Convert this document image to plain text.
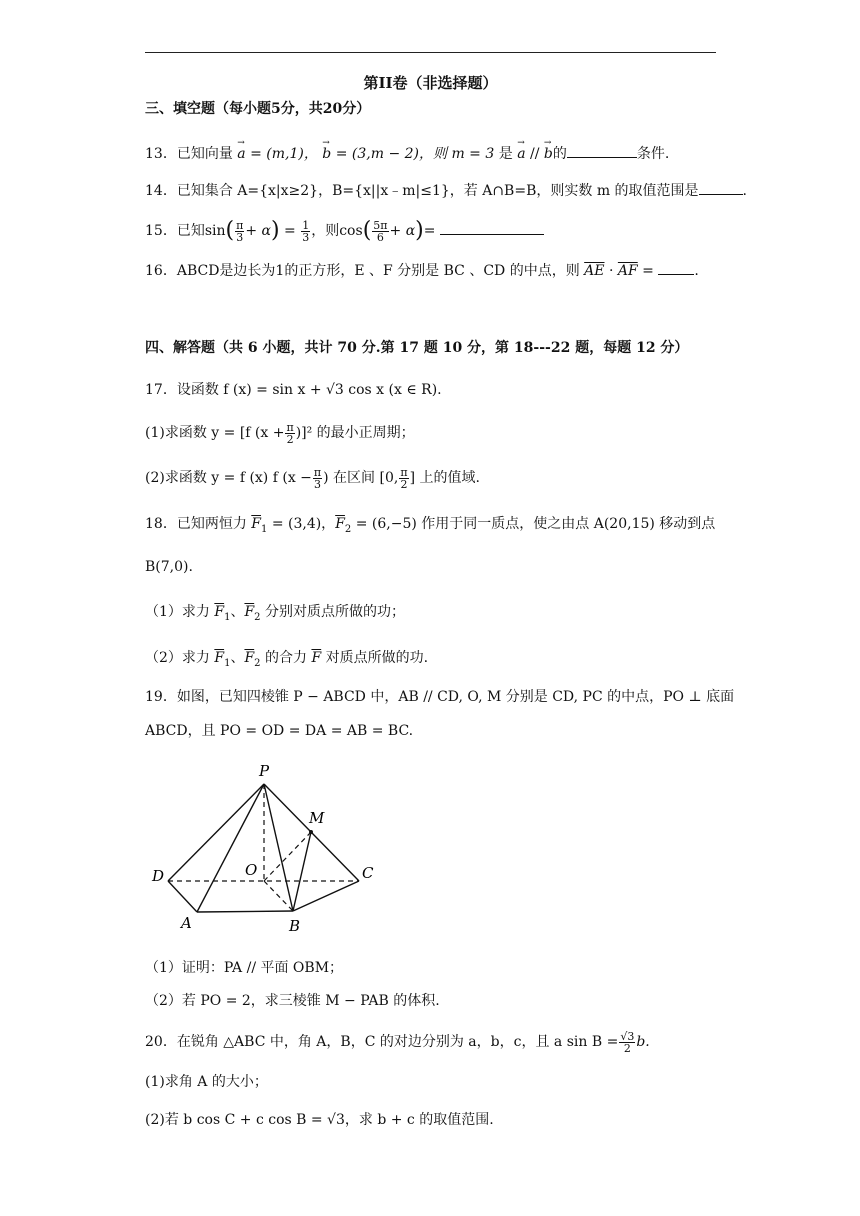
第II卷（非选择题）
三、填空题（每小题5分，共20分）
13．已知向量 → a = (m,1)， → b = (3,m − 2)，则 m = 3 是 → a // → b的	条件.
14．已知集合 A={x|x≥2}，B={x||x﹣m|≤1}，若 A∩B=B，则实数 m 的取值范围是	.
15．已知$\sin( \frac{\pi}{3} + \alpha) = \frac{1}{3}$ ，则$\cos( \frac{5\pi}{6} + \alpha)=$
16．ABCD是边长为1的正方形，E 、F 分别是 BC 、CD 的中点，则 $\overline{AE} \cdot \overline{AF}$ =	.
四、解答题（共 6 小题，共计 70 分.第 17 题 10 分，第 18---22 题，每题 12 分）
17．设函数 f (x) = sin x + √3 cos x (x ∈ R).
(1)求函数 y = [f $(x + \frac{\pi}{2} )]^2$ 的最小正周期；
(2)求函数 y = f (x) f ($x - \frac{\pi}{3}$ ) 在区间 [0, $\frac{\pi}{2}$ ] 上的值域.
18．已知两恒力 $\overline{F}_1 = (3,4)$，$\overline{F}_2 = (6,-5)$ 作用于同一质点，使之由点 A(20,15) 移动到点
B(7,0).
（1）求力 $\overline{F}_1$、$\overline{F}_2$ 分别对质点所做的功；
（2）求力 $\overline{F}_1$、$\overline{F}_2$ 的合力 $\overline{F}$ 对质点所做的功.
19．如图，已知四棱锥 P − ABCD 中，AB // CD, O, M 分别是 CD, PC 的中点，PO ⊥ 底面
ABCD，且 PO = OD = DA = AB = BC.
P
M
O
D	C
A	B
（1）证明：PA // 平面 OBM；
（2）若 PO = 2，求三棱锥 M − PAB 的体积.
20．在锐角 △ABC 中，角 A，B，C 的对边分别为 a，b，c，且 a $\sin B = \frac{√3}{2} b$.
(1)求角 A 的大小；
(2)若 b cos C + c cos B = √3，求 b + c 的取值范围.
